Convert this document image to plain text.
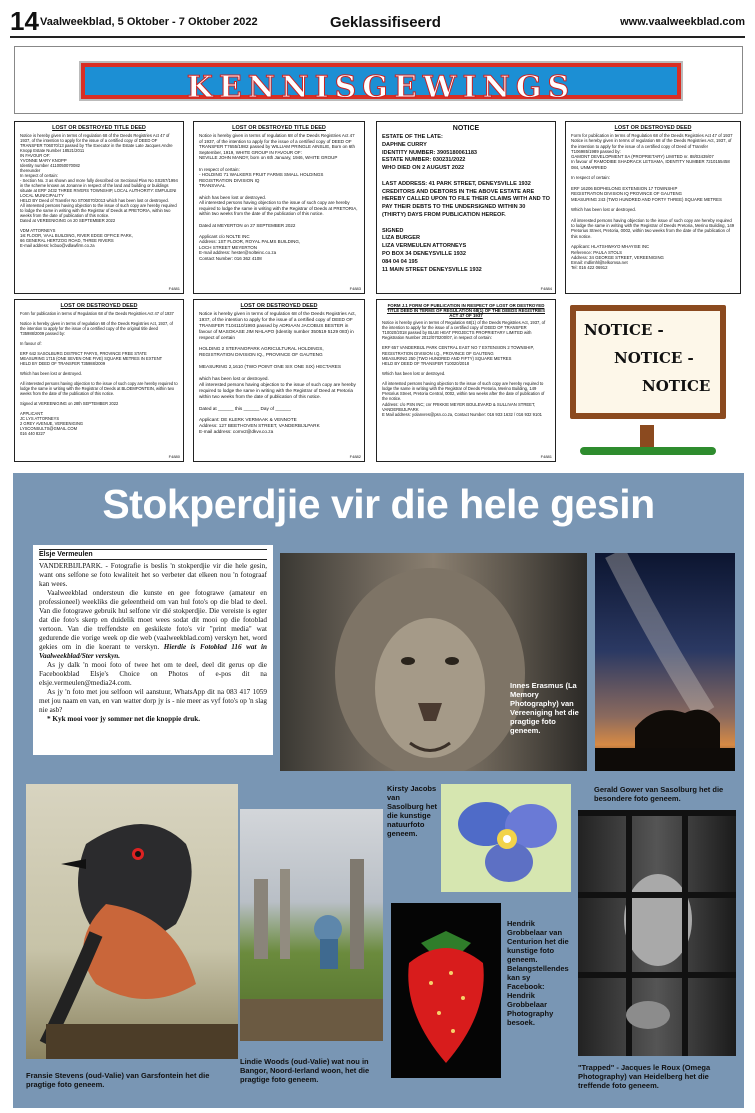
14 Vaalweekblad, 5 Oktober - 7 Oktober 2022	Geklassifiseerd	www.vaalweekblad.com
KENNISGEWINGS
LOST OR DESTROYED TITLE DEED
Notice is hereby given in terms of regulation 68 of the Deeds Registries Act 47 of 1937, of the intention to apply for the issue of a certified copy of DEED OF TRANSFER T06070/13 passed by The Executor in the Estate Late Jacques Andre Knopp Estate Number 18521/2011
IN FAVOUR OF:
YVONNE MARY KNOPP
Identity number 4110050070082
thereunder
In respect of certain:
- Section No. 3 as shown and more fully described on Sectional Plan No SS267/1994 in the scheme known as Jonanne in respect of the land and building or buildings situate at ERF 2432 THREE RIVERS TOWNSHIP, LOCAL AUTHORITY: EMFULENI LOCAL MUNICIPALITY
HELD BY Deed of Transfer No ST06070/2013 which has been lost or destroyed.
All interested persons having objection to the issue of such copy are hereby required to lodge the same in writing with the Registrar of Deeds at PRETORIA, within two weeks from the date of publication of this notice.
Dated at VEREENIGING on 20 SEPTEMBER 2022

VDM ATTORNEYS
1st FLOOR, VAAL BUILDING, RIVER EDGE OFFICE PARK,
66 GENERAL HERTZOG ROAD, THREE RIVERS
E-mail address: kcbuo@vdlawfirm.co.za
F4881
LOST OR DESTROYED TITLE DEED
Notice is hereby given in terms of regulation 68 of the Deeds Registries Act 47 of 1937, of the intention to apply for the issue of a certified copy of DEED OF TRANSFER T7655/1982 passed by WILLIAM PRINGLE AINSLIE, Born on 6th September, 1919, WHITE GROUP IN FAVOUR OF:
NEVILLE JOHN MANDY, born on 6th January, 1946, WHITE GROUP

In respect of certain:
- HOLDING 71 WALKERS FRUIT FARMS SMALL HOLDINGS
REGISTRATION DIVISION IQ
TRANSVAAL

which has been lost or destroyed.
All interested persons having objection to the issue of such copy are hereby required to lodge the same in writing with the Registrar of Deeds at PRETORIA, within two weeks from the date of the publication of this notice.

Dated at MEYERTON on 27 SEPTEMBER 2022

Applicant c/o NOLTE INC
Address: 1ST FLOOR, ROYAL PALMS BUILDING,
LOCH STREET MEYERTON
E-mail address: hester@nolteinc.co.za
Contact Number: 016 362 4108
F4883
NOTICE
ESTATE OF THE LATE:
DAPHNE CURRY
IDENTITY NUMBER: 3905180061183
ESTATE NUMBER: 030231/2022
WHO DIED ON 2 AUGUST 2022

LAST ADDRESS: 41 PARK STREET, DENEYSVILLE 1932
CREDITORS AND DEBTORS IN THE ABOVE ESTATE ARE HEREBY CALLED UPON TO FILE THEIR CLAIMS WITH AND TO PAY THEIR DEBTS TO THE UNDERSIGNED WITHIN 30 (THIRTY) DAYS FROM PUBLICATION HEREOF.

SIGNED
LIZA BURGER
LIZA VERMEULEN ATTORNEYS
PO BOX 34 DENEYSVILLE 1932
084 04 04 195
11 MAIN STREET DENEYSVILLE 1932
F4884
LOST OR DESTROYED DEED
Form for publication in terms of Regulation 68 of the Deeds Registries Act 47 of 1937
Notice is hereby given in terms of regulation 68 of the Deeds Registries Act, 1937, of the intention to apply for the issue of a certified copy of Deed of Transfer T106985/1989 passed by:
GAMONT DEVELOPMENT SA (PROPRIETARY) LIMITED nr. 88/03439/07
In favour of RAMODIBE SHADRACK LETSAMA, IDENTITY NUMBER 7210155458 084, UNMARRIED

In respect of certain:

ERF 16206 BOPHELONG EXTENSION 17 TOWNSHIP
REGISTRATION DIVISION IQ PROVINCE OF GAUTENG
MEASURING 243 (TWO HUNDRED AND FORTY THREE) SQUARE METRES

Which has been lost or destroyed.

All interested persons having objection to the issue of such copy are hereby required to lodge the same in writing with the Registrar of Deeds Pretoria, Merino Building, 149 Pretorius Street, Pretoria, 0002, within two weeks from the date of the publication of this notice.

Applicant: HLATSHWAYO MHAYISE INC
Reference: PAULA STOLS
Address: 34 GEORGE STREET, VEREENIGING
Email: mdlimhl@telkomsa.net
Tel: 016 422 06912
LOST OR DESTROYED DEED
Form for publication in terms of Regulation 68 of the Deeds Registries Act 47 of 1937

Notice is hereby given in terms of regulation 68 of the Deeds Registries Act, 1937, of the intention to apply for the issue of a certified copy of the original title deed T35988/2009 passed by:

In favour of:

ERF 642 SASOLBURG DISTRICT PARYS, PROVINCE FREE STATE
MEASURING 1715 (ONE SEVEN ONE FIVE) SQUARE METRES IN EXTENT
HELD BY DEED OF TRANSFER T35988/2009

Which has been lost or destroyed.

All interested persons having objection to the issue of such copy are hereby required to lodge the same in writing with the Registrar of Deeds at BLOEMFONTEIN, within two weeks from the date of the publication of this notice.

Signed at VEREENIGING on 28th SEPTEMBER 2022

APPLICANT:
JC LYS ATTORNEYS
2 GREY AVENUE, VEREENIGING
LYSCONSULTS@GMAIL.COM
016 440 8227
F4880
LOST OR DESTROYED DEED
Notice is hereby given in terms of regulation 68 of the Deeds Registries Act, 1937, of the intention to apply for the issue of a certified copy of DEED OF TRANSFER T104110/1993 passed by ADRIAAN JACOBUS BESTER in favour of MASOKASE JIM NHLAPO (Identity number 350519 5129 083) in respect of certain

HOLDING 2 STEFANOPARK AGRICULTURAL HOLDINGS, REGISTRATION DIVISION IQ., PROVINCE OF GAUTENG

MEASURING 2,1610 (TWO POINT ONE SIX ONE SIX) HECTARES

which has been lost or destroyed.
All interested persons having objection to the issue of such copy are hereby required to lodge the same in writing with the Registrar of Deed at Pretoria within two weeks from the date of publication of this notice.

Dated at ______ this ______ Day of ______

Applicant: DE KLERK VERMAAK & VENNOTE
Address: 127 BEETHOVEN STREET, VANDERBIJLPARK
E-mail address: comv2@dkvv.co.za
F4882
FORM J.1 FORM OF PUBLICATION IN RESPECT OF LOST OR DESTROYED TITLE DEED IN TERMS OF REGULATION 68(1) OF THE DEEDS REGISTRIES ACT 47 OF 1937
Notice is hereby given in terms of Regulation 68(1) of the Deeds Registries Act, 1937, of the intention to apply for the issue of a certified copy of DEED OF TRANSFER T10020/2018 passed by BLUE HEAT PROJECTS PROPRIETARY LIMITED with Registration Number 2012/070200/07, in respect of certain:

ERF 657 VANDERBIJL PARK CENTRAL EAST NO 7 EXTENSION 2 TOWNSHIP, REGISTRATION DIVISION I.Q., PROVINCE OF GAUTENG
MEASURING 250 (TWO HUNDRED AND FIFTY) SQUARE METRES
HELD BY DEED OF TRANSFER T10020/2018

Which has been lost or destroyed.

All interested persons having objection to the issue of such copy are hereby required to lodge the same in writing with the Registrar of Deeds Pretoria, Merino Building, 149 Pretorius Street, Pretoria Central, 0002, within two weeks after the date of publication of the notice.
Address: c/o PSN INC; cnr FRIKKIE MEYER BOULEVARD & SULLIVAN STREET, VANDERBIJLPARK
E Mail address: yolanvres@psn.co.za, Contact Number: 016 933 1632 / 016 932 9101
F4881
NOTICE -
NOTICE -
NOTICE
Stokperdjie vir die hele gesin
Elsje Vermeulen

VANDERBIJLPARK. - Fotografie is beslis 'n stokperdjie vir die hele gesin, want ons selfone se foto kwaliteit het so verbeter dat elkeen nou 'n fotograaf kan wees.

Vaalweekblad ondersteun die kunste en gee fotograwe (amateur en professioneel) weekliks die geleentheid om van hul foto's op die blad te deel. Van die fotograwe gebruik hul selfone vir dié stokperdjie. Die vereiste is egter dat die foto's skerp en duidelik moet wees sodat dit mooi op die fotoblad vertoon. Van die treffendste en geskikste foto's vir "print media" wat gedurende die vorige week op die web (vaalweekblad.com) verskyn het, word gekies om in die koerant te verskyn. Hierdie is Fotoblad 116 wat in Vaalweekblad/Ster verskyn.

As jy dalk 'n mooi foto of twee het om te deel, deel dit gerus op die Facebookblad Elsje's Choice on Photos of e-pos dit na elsje.vermeulen@media24.com.

As jy 'n foto met jou selfoon wil aanstuur, WhatsApp dit na 083 417 1059 met jou naam en van, en van watter dorp jy is - nie meer as vyf foto's op 'n slag nie asb?

* Kyk mooi voor jy sommer net die knoppie druk.

Innes Erasmus (La Memory Photography) van Vereeniging het die pragtige foto geneem.
Gerald Gower van Sasolburg het die besondere foto geneem.
Fransie Stevens (oud-Valie) van Garsfontein het die pragtige foto geneem.
Lindie Woods (oud-Valie) wat nou in Bangor, Noord-Ierland woon, het die pragtige foto geneem.
Kirsty Jacobs van Sasolburg het die kunstige natuurfoto geneem.
Hendrik Grobbelaar van Centurion het die kunstige foto geneem. Belangstellendes kan sy Facebook: Hendrik Grobbelaar Photography besoek.
"Trapped" - Jacques le Roux (Omega Photography) van Heidelberg het die treffende foto geneem.
